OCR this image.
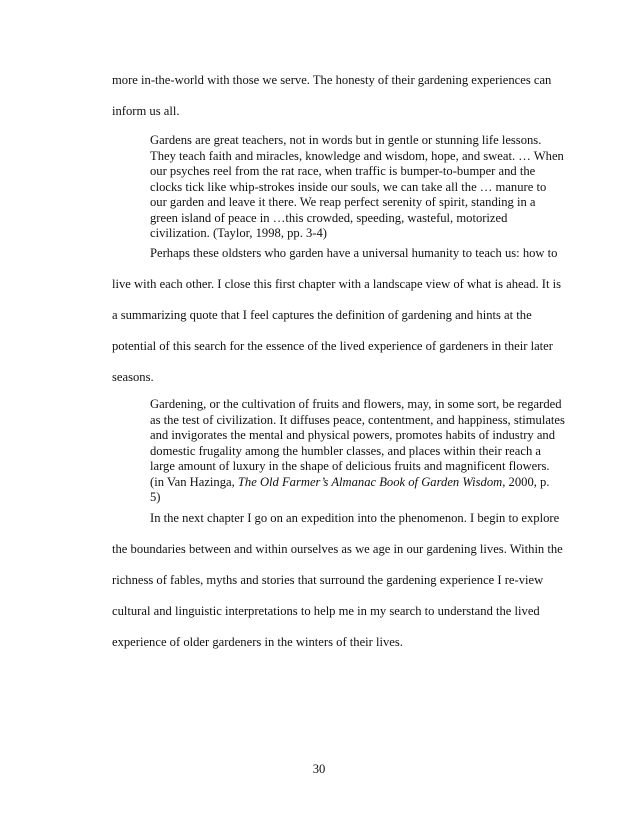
more in-the-world with those we serve. The honesty of their gardening experiences can
inform us all.
Gardens are great teachers, not in words but in gentle or stunning life lessons.
They teach faith and miracles, knowledge and wisdom, hope, and sweat. … When
our psyches reel from the rat race, when traffic is bumper-to-bumper and the
clocks tick like whip-strokes inside our souls, we can take all the … manure to
our garden and leave it there. We reap perfect serenity of spirit, standing in a
green island of peace in …this crowded, speeding, wasteful, motorized
civilization. (Taylor, 1998, pp. 3-4)
Perhaps these oldsters who garden have a universal humanity to teach us: how to
live with each other. I close this first chapter with a landscape view of what is ahead. It is
a summarizing quote that I feel captures the definition of gardening and hints at the
potential of this search for the essence of the lived experience of gardeners in their later
seasons.
Gardening, or the cultivation of fruits and flowers, may, in some sort, be regarded
as the test of civilization. It diffuses peace, contentment, and happiness, stimulates
and invigorates the mental and physical powers, promotes habits of industry and
domestic frugality among the humbler classes, and places within their reach a
large amount of luxury in the shape of delicious fruits and magnificent flowers.
(in Van Hazinga, The Old Farmer’s Almanac Book of Garden Wisdom, 2000, p.
5)
In the next chapter I go on an expedition into the phenomenon. I begin to explore
the boundaries between and within ourselves as we age in our gardening lives. Within the
richness of fables, myths and stories that surround the gardening experience I re-view
cultural and linguistic interpretations to help me in my search to understand the lived
experience of older gardeners in the winters of their lives.
30
